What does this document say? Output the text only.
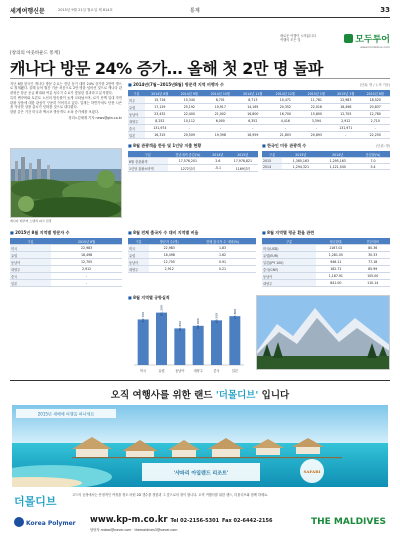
세계여행신문	2015년 9월 21일 월요일 제 814호	통계	33
새로운 여행이 시작됩니다
여행의 모든 것	모두투어
www.modetour.com
[창의의 아웃바운드 통계]
캐나다 방문 24% 증가… 올해 첫 2만 명 돌파

지난 8월 한국인 캐나다 방문 수요는 전년 동기 대비 24% 증가한 2만여 명으로 집계됐다. 올해 들어 월간 기준 처음으로 2만 명을 넘어선 것으로 캐나다 관광청은 항공 공급 확대와 여름 성수기 수요가 맞물린 결과라고 분석했다.

특히 밴쿠버와 토론토 노선의 탑승률이 높게 나타났으며, 로키 산맥 일대 자연 관광 상품에 대한 관심이 꾸준히 이어지고 있다. 업계는 하반기에도 단풍 시즌을 겨냥한 상품 출시가 잇따를 것으로 내다봤다.

한편 같은 기간 미국과 멕시코 방문객도 소폭 증가세를 보였다.

정리=김세계 기자 news@gtn.co.kr

캐나다 밴쿠버 스탠리 파크 전경
■ 2014년(7월~2015년8월) 방문객 지역 비행자 수	(단위: 명 / 누적 기준)
구분	2014년 8월	2014년 9월	2014년 10월	2014년 11월	2014년 12월	2015년 1월	2015년 2월	2015년 8월
미주	15,716	15,340	8,701	8,713	10,471	11,781	22,983	18,520
유럽	17,129	25,192	19,917	14,165	20,352	22,016	18,498	20,837
동남아	23,432	22,400	21,002	16,800	16,700	15,800	12,705	12,780
대양주	8,252	10,112	6,000	6,352	4,416	3,394	2,912	2,710
중국	131,974	-	-	-	-	-	131,971	-
일본	16,315	20,509	19,398	16,959	21,803	20,893	-	22,250
■ 8월 관광객을 한동 및 1인당 지출 현황
구분	전년대비 증감(%)	2014년	2015년
8월 총관광객	17,576,201	2.6	17,976,821
1인당 관광소비액	1272달러	-5.1	1169달러
■ 한국인 미동 관광객 수	(단위: 명)
구분	2015년	2014년	증감률(%)
2015	1,385,163	1,295,163	7.0
2014	1,294,321	1,121,540	5.4
■ 2015년 8월 지역별 방문자 수
구분	2015년 8월
미국	22,983
유럽	18,498
동남아	12,705
대양주	2,912
중국	-
일본	-
■ 8월 전체 출국자 수 대비 지역별 비율
구분	방문자 수(명)	전체 출국자 수 대비(%)
미국	22,983	1.83
유럽	18,498	1.62
동남아	12,705	0.91
대양주	2,912	0.21
■ 8월 지역별 평균 환율 관련
구분	평균환율	전년대비
미국(USD)	1167.02	80.36
유럽(EUR)	1,281.05	30.33
일본(JPY 100)	946.11	77.18
중국(CNY)	182.71	85.99
동남아	1,187.91	105.00
대양주	841.00	110.14
■ 8월 지역별 공항실적
70,700
미국
81,300
유럽
56,800
동남아
60,800
대양주
69,300
중국
75,800
일본
오직 여행사를 위한 랜드 '더몰디브' 입니다
2015년 새해에 여행을 떠나세요
'샤파리 아일랜드 리조트'	SAFARI
더몰디브	고드의 공정에서는 안정적인 여정을 정도 어떤 2D 갯수를 정함과 그 앞으로의 정이 합니다. 오직 여행사를 위한 랜드, 더몰디브와 함께 하세요.
Korea Polymer www.kp-m.co.kr Tel 02-2156-5301 Fax 02-6442-2156
담당자 mdoai@naver.com · themaldives3@naver.com
THE MALDIVES
